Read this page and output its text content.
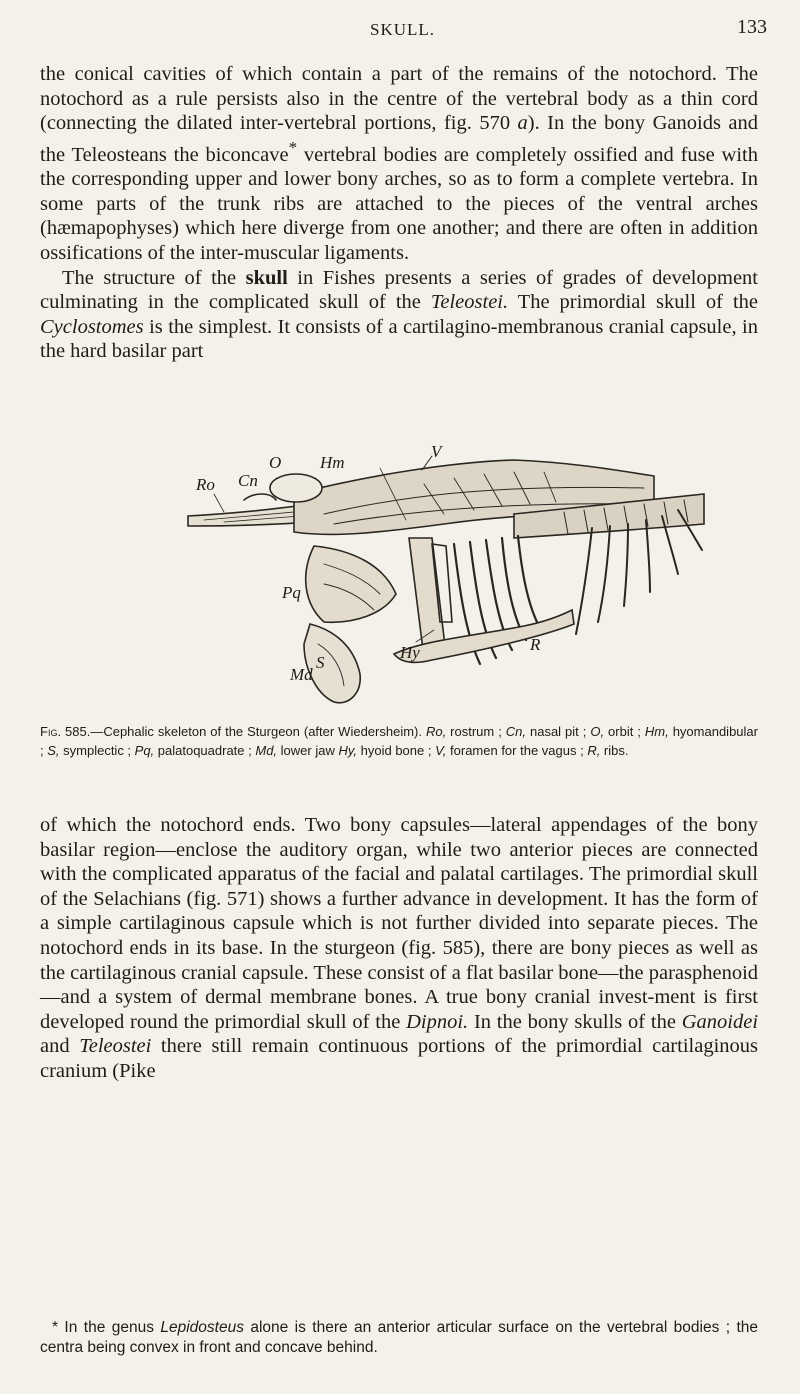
SKULL.	133

the conical cavities of which contain a part of the remains of the notochord. The notochord as a rule persists also in the centre of the vertebral body as a thin cord (connecting the dilated inter-vertebral portions, fig. 570 a). In the bony Ganoids and the Teleosteans the biconcave* vertebral bodies are completely ossified and fuse with the corresponding upper and lower bony arches, so as to form a complete vertebra. In some parts of the trunk ribs are attached to the pieces of the ventral arches (hæmapophyses) which here diverge from one another; and there are often in addition ossifications of the inter-muscular ligaments.

The structure of the skull in Fishes presents a series of grades of development culminating in the complicated skull of the Teleostei. The primordial skull of the Cyclostomes is the simplest. It consists of a cartilagino-membranous cranial capsule, in the hard basilar part

O Hm
V
Ro Cn
Pq
S
Hy
Md
R
Fig. 585.—Cephalic skeleton of the Sturgeon (after Wiedersheim). Ro, rostrum ; Cn, nasal pit ; O, orbit ; Hm, hyomandibular ; S, symplectic ; Pq, palatoquadrate ; Md, lower jaw Hy, hyoid bone ; V, foramen for the vagus ; R, ribs.

of which the notochord ends. Two bony capsules—lateral appendages of the bony basilar region—enclose the auditory organ, while two anterior pieces are connected with the complicated apparatus of the facial and palatal cartilages. The primordial skull of the Selachians (fig. 571) shows a further advance in development. It has the form of a simple cartilaginous capsule which is not further divided into separate pieces. The notochord ends in its base. In the sturgeon (fig. 585), there are bony pieces as well as the cartilaginous cranial capsule. These consist of a flat basilar bone—the parasphenoid—and a system of dermal membrane bones. A true bony cranial invest-ment is first developed round the primordial skull of the Dipnoi. In the bony skulls of the Ganoidei and Teleostei there still remain continuous portions of the primordial cartilaginous cranium (Pike

* In the genus Lepidosteus alone is there an anterior articular surface on the vertebral bodies ; the centra being convex in front and concave behind.
